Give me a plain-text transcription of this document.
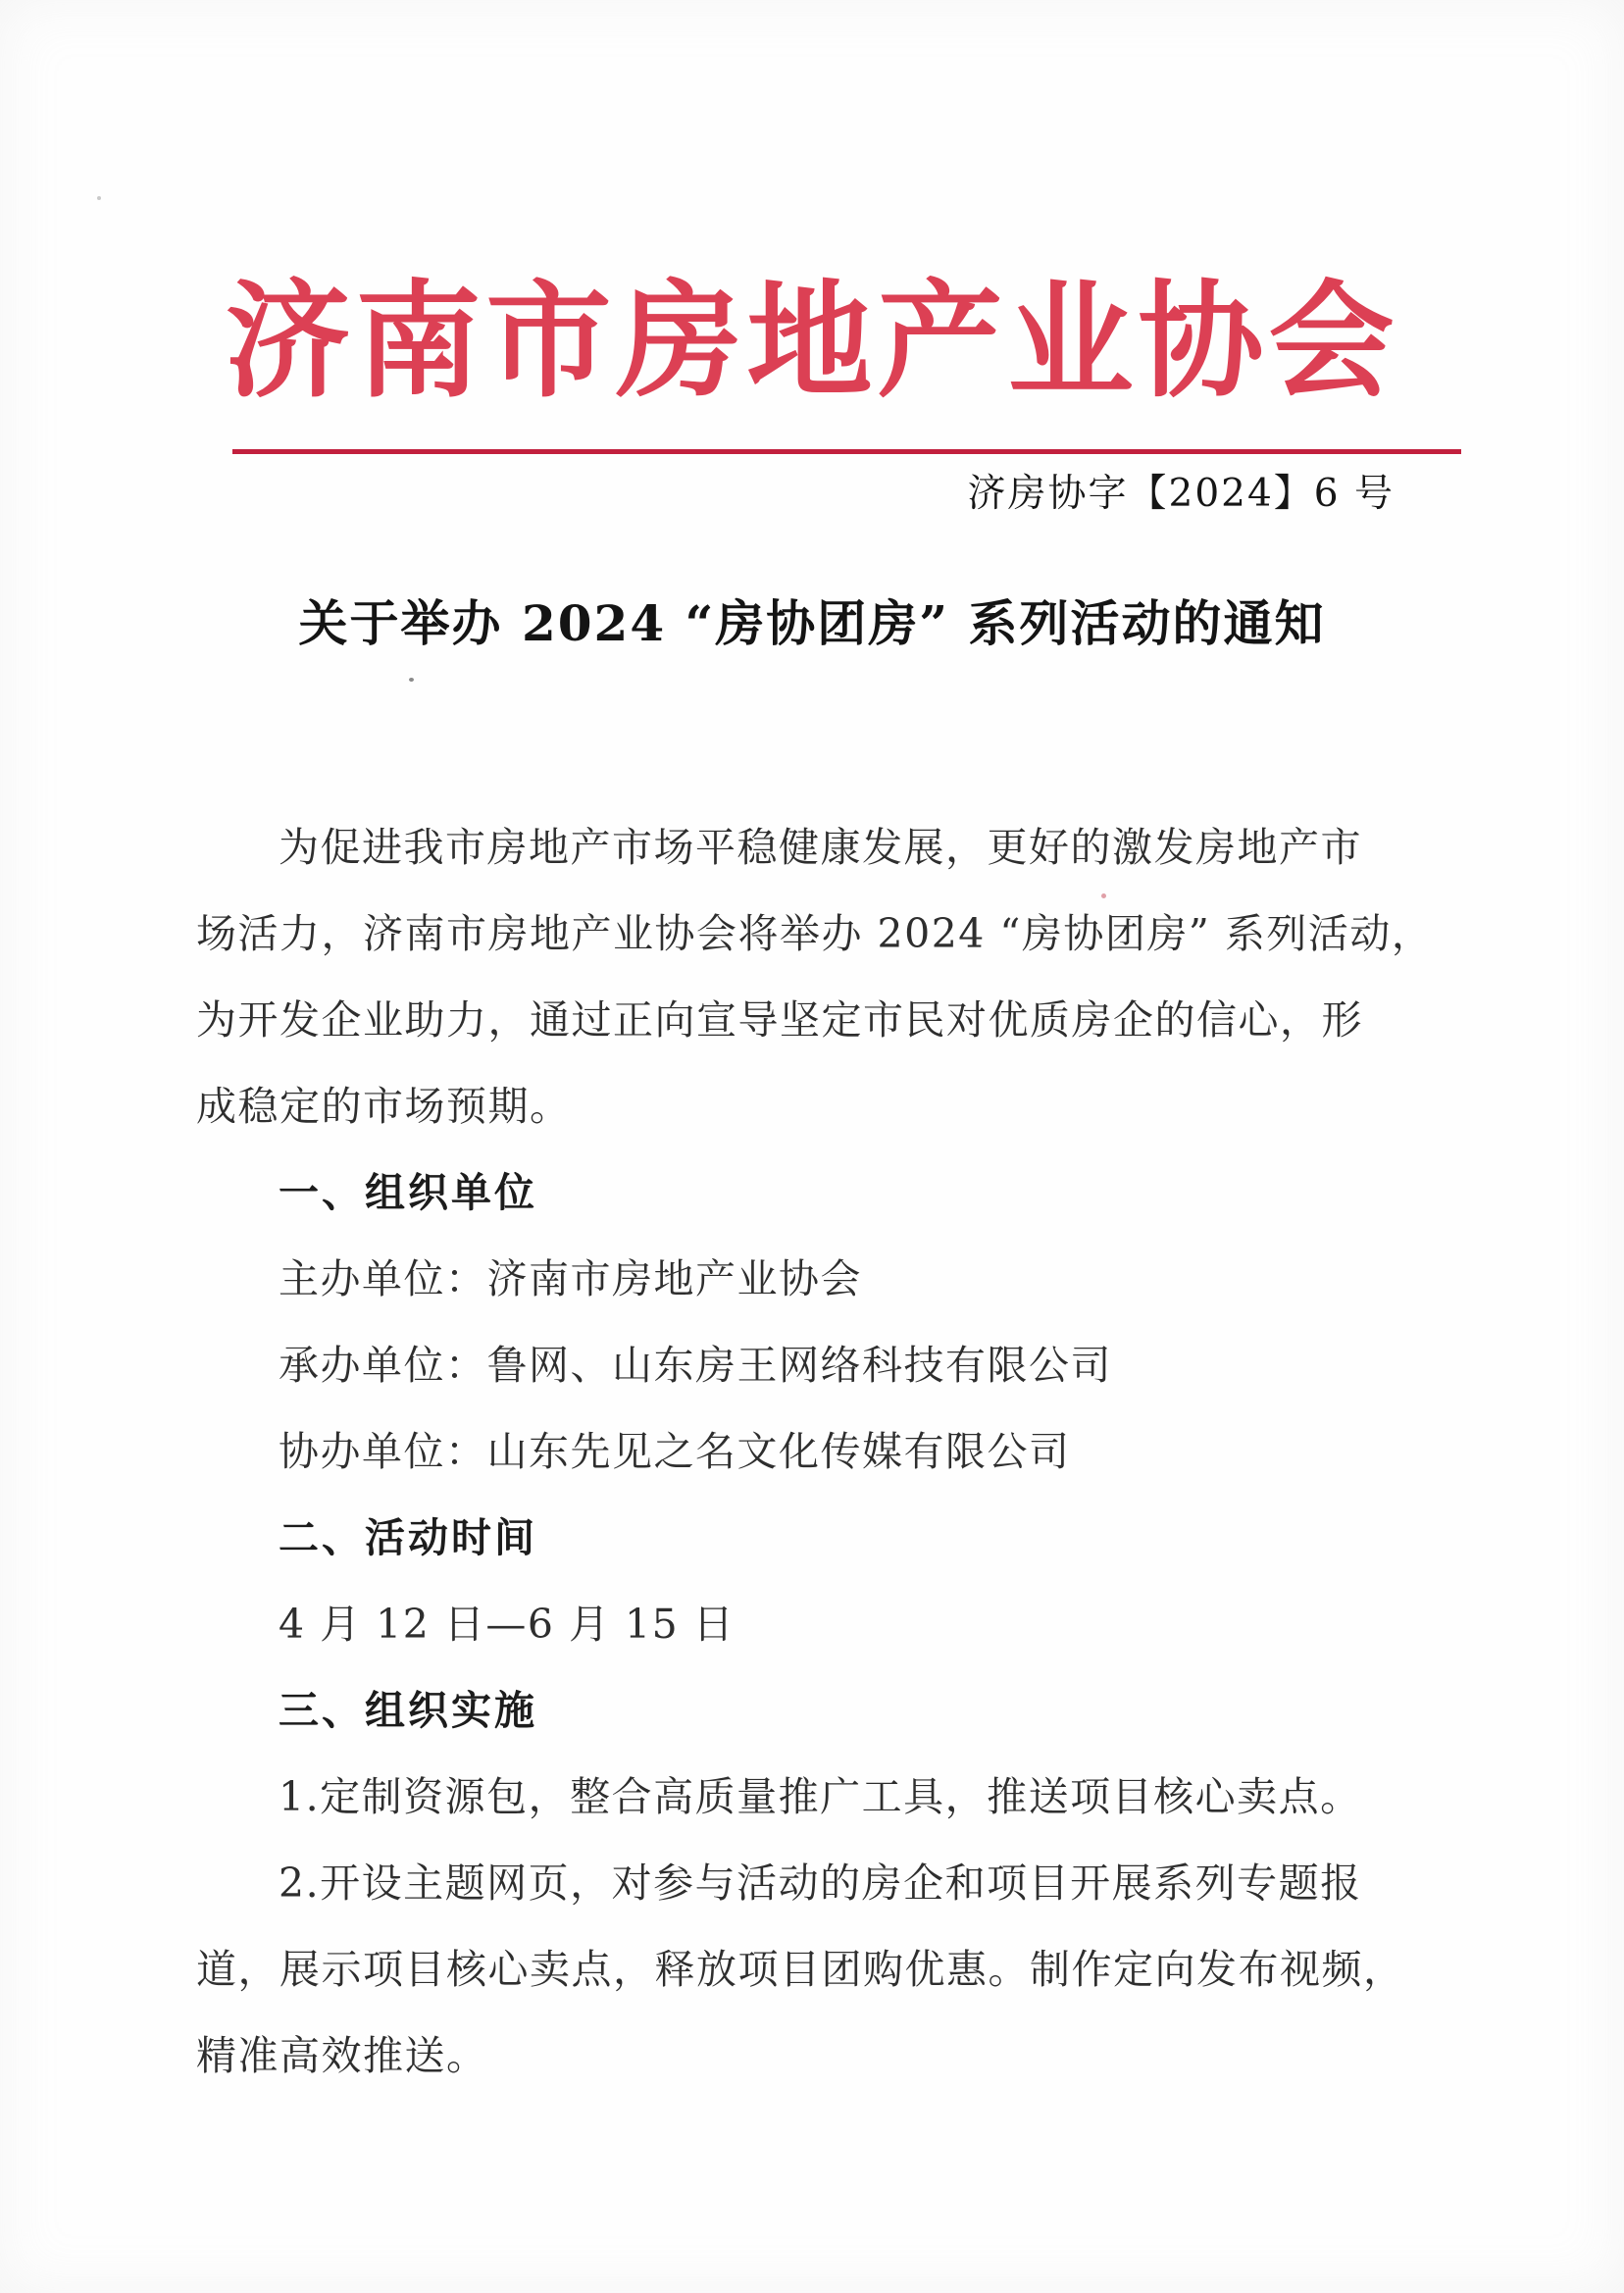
济南市房地产业协会
济房协字【2024】6 号
关于举办 2024 “房协团房” 系列活动的通知
为促进我市房地产市场平稳健康发展，更好的激发房地产市
场活力，济南市房地产业协会将举办 2024 “房协团房” 系列活动，
为开发企业助力，通过正向宣导坚定市民对优质房企的信心，形
成稳定的市场预期。
一、组织单位
主办单位：济南市房地产业协会
承办单位：鲁网、山东房王网络科技有限公司
协办单位：山东先见之名文化传媒有限公司
二、活动时间
4 月 12 日—6 月 15 日
三、组织实施
1.定制资源包，整合高质量推广工具，推送项目核心卖点。
2.开设主题网页，对参与活动的房企和项目开展系列专题报
道，展示项目核心卖点，释放项目团购优惠。制作定向发布视频，
精准高效推送。
